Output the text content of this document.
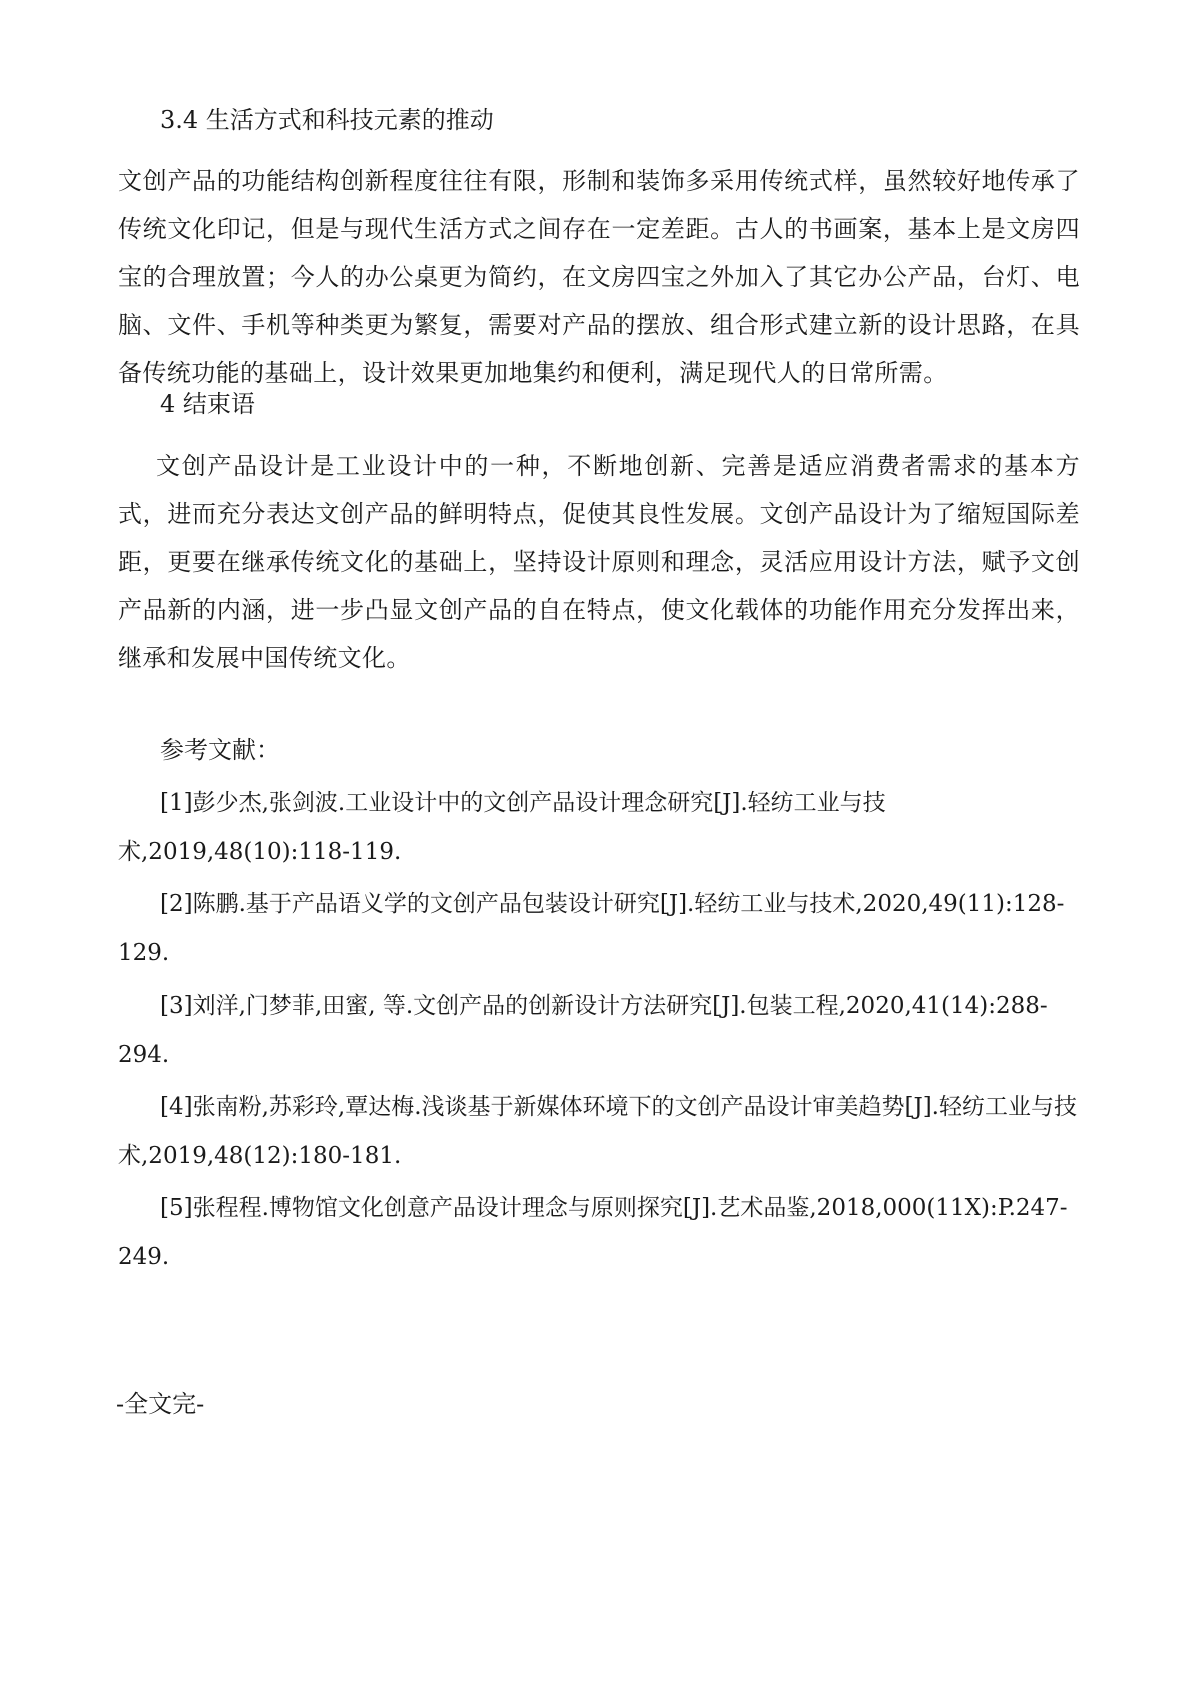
3.4 生活方式和科技元素的推动
文创产品的功能结构创新程度往往有限，形制和装饰多采用传统式样，虽然较好地传承了传统文化印记，但是与现代生活方式之间存在一定差距。古人的书画案，基本上是文房四宝的合理放置；今人的办公桌更为简约，在文房四宝之外加入了其它办公产品，台灯、电脑、文件、手机等种类更为繁复，需要对产品的摆放、组合形式建立新的设计思路，在具备传统功能的基础上，设计效果更加地集约和便利，满足现代人的日常所需。
4 结束语
文创产品设计是工业设计中的一种，不断地创新、完善是适应消费者需求的基本方式，进而充分表达文创产品的鲜明特点，促使其良性发展。文创产品设计为了缩短国际差距，更要在继承传统文化的基础上，坚持设计原则和理念，灵活应用设计方法，赋予文创产品新的内涵，进一步凸显文创产品的自在特点，使文化载体的功能作用充分发挥出来，继承和发展中国传统文化。
参考文献：
[1]彭少杰,张剑波.工业设计中的文创产品设计理念研究[J].轻纺工业与技术,2019,48(10):118-119.
[2]陈鹏.基于产品语义学的文创产品包装设计研究[J].轻纺工业与技术,2020,49(11):128-129.
[3]刘洋,门梦菲,田蜜, 等.文创产品的创新设计方法研究[J].包装工程,2020,41(14):288-294.
[4]张南粉,苏彩玲,覃达梅.浅谈基于新媒体环境下的文创产品设计审美趋势[J].轻纺工业与技术,2019,48(12):180-181.
[5]张程程.博物馆文化创意产品设计理念与原则探究[J].艺术品鉴,2018,000(11X):P.247-249.
-全文完-
